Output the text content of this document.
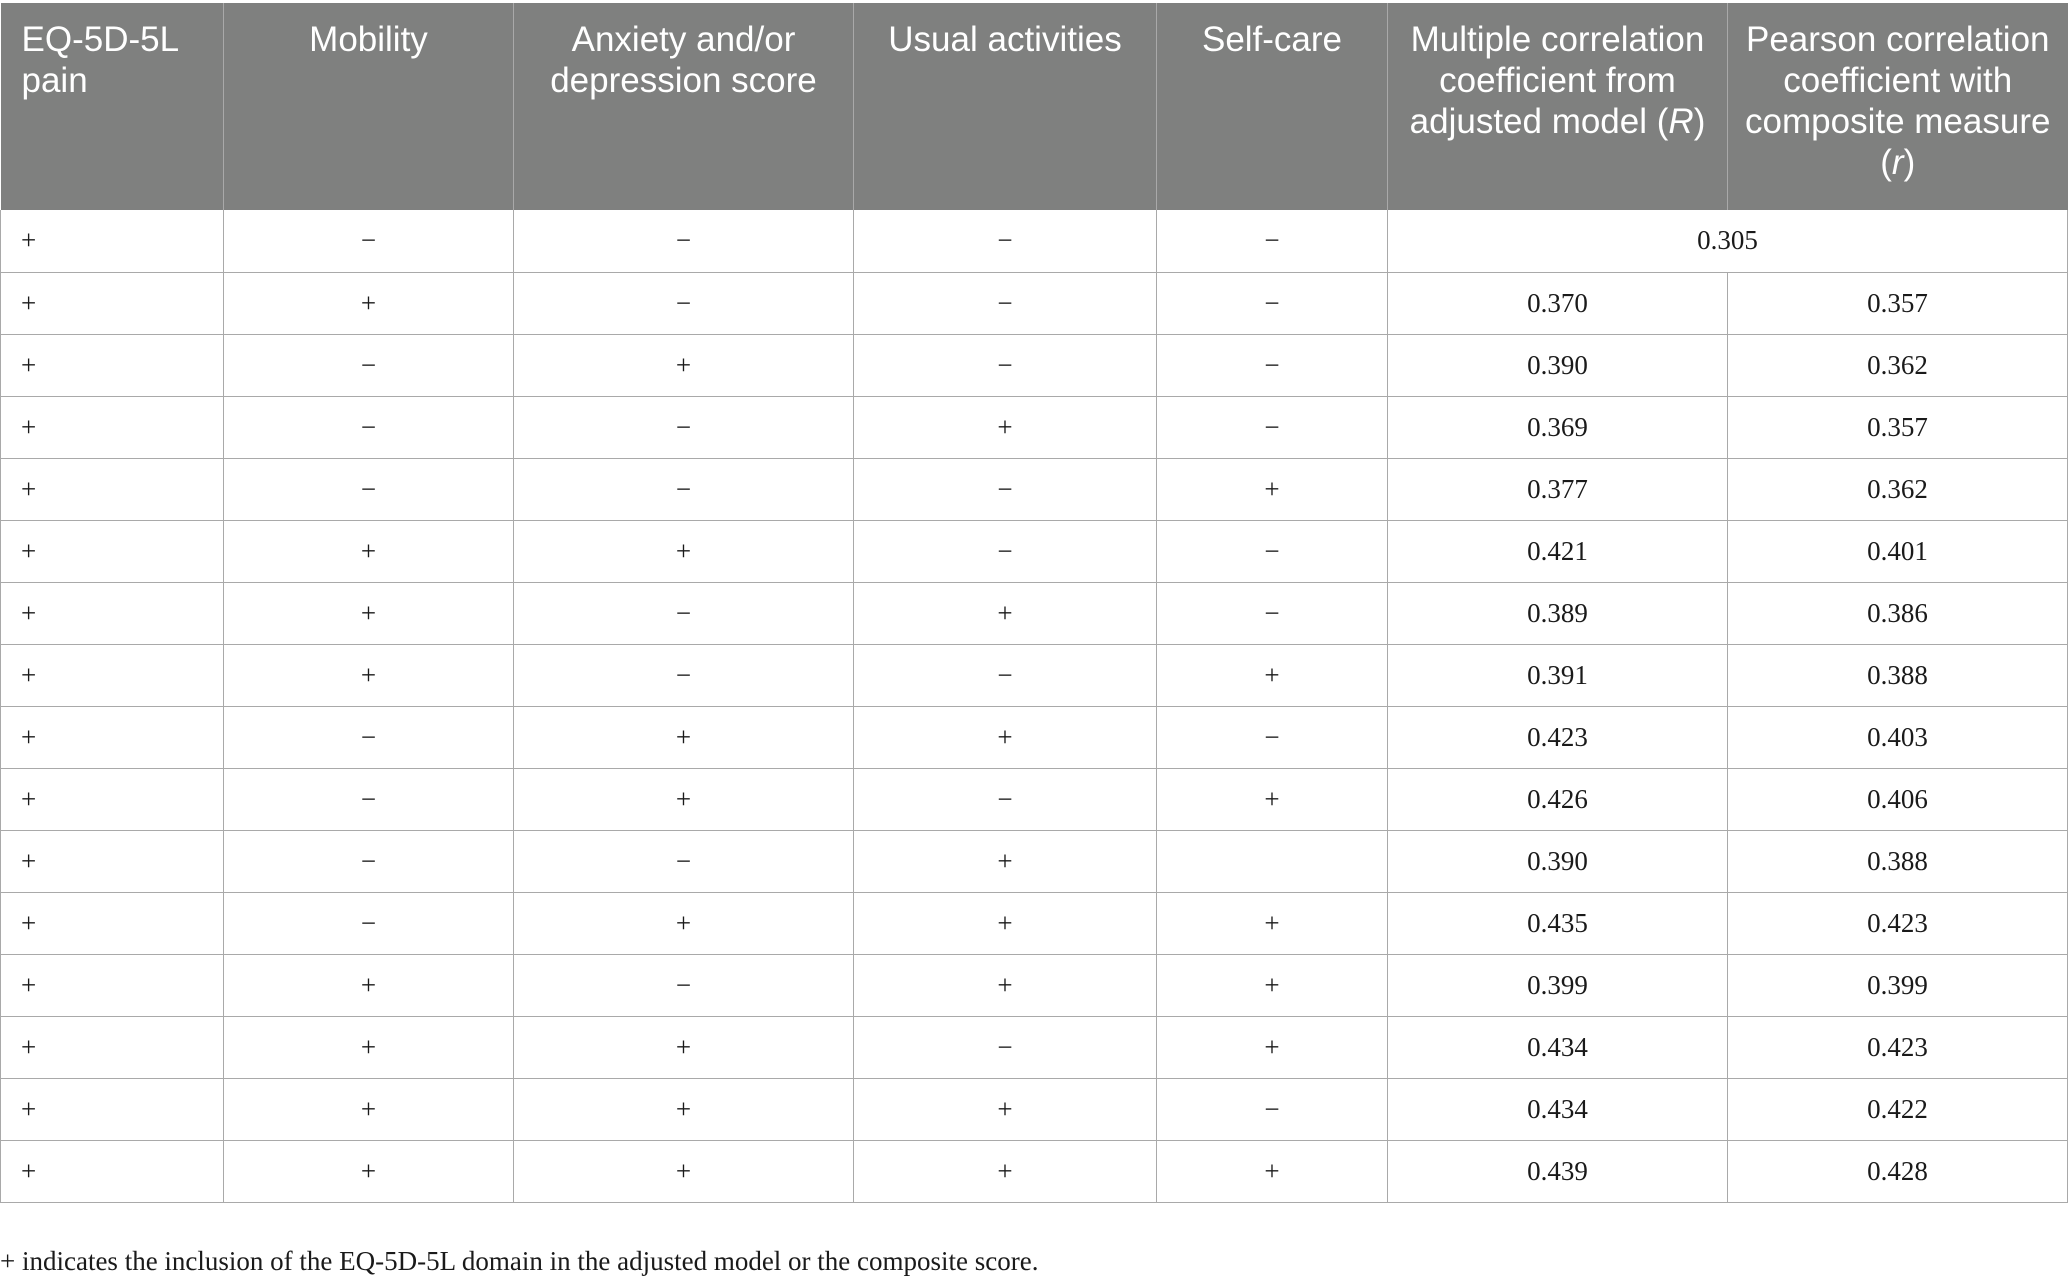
EQ-5D-5L pain	Mobility	Anxiety and/or depression score	Usual activities	Self-care	Multiple correlation coefficient from adjusted model (R)	Pearson correlation coefficient with composite measure (r)
+	−	−	−	−	0.305	
+	+	−	−	−	0.370	0.357
+	−	+	−	−	0.390	0.362
+	−	−	+	−	0.369	0.357
+	−	−	−	+	0.377	0.362
+	+	+	−	−	0.421	0.401
+	+	−	+	−	0.389	0.386
+	+	−	−	+	0.391	0.388
+	−	+	+	−	0.423	0.403
+	−	+	−	+	0.426	0.406
+	−	−	+		0.390	0.388
+	−	+	+	+	0.435	0.423
+	+	−	+	+	0.399	0.399
+	+	+	−	+	0.434	0.423
+	+	+	+	−	0.434	0.422
+	+	+	+	+	0.439	0.428
+ indicates the inclusion of the EQ-5D-5L domain in the adjusted model or the composite score.
